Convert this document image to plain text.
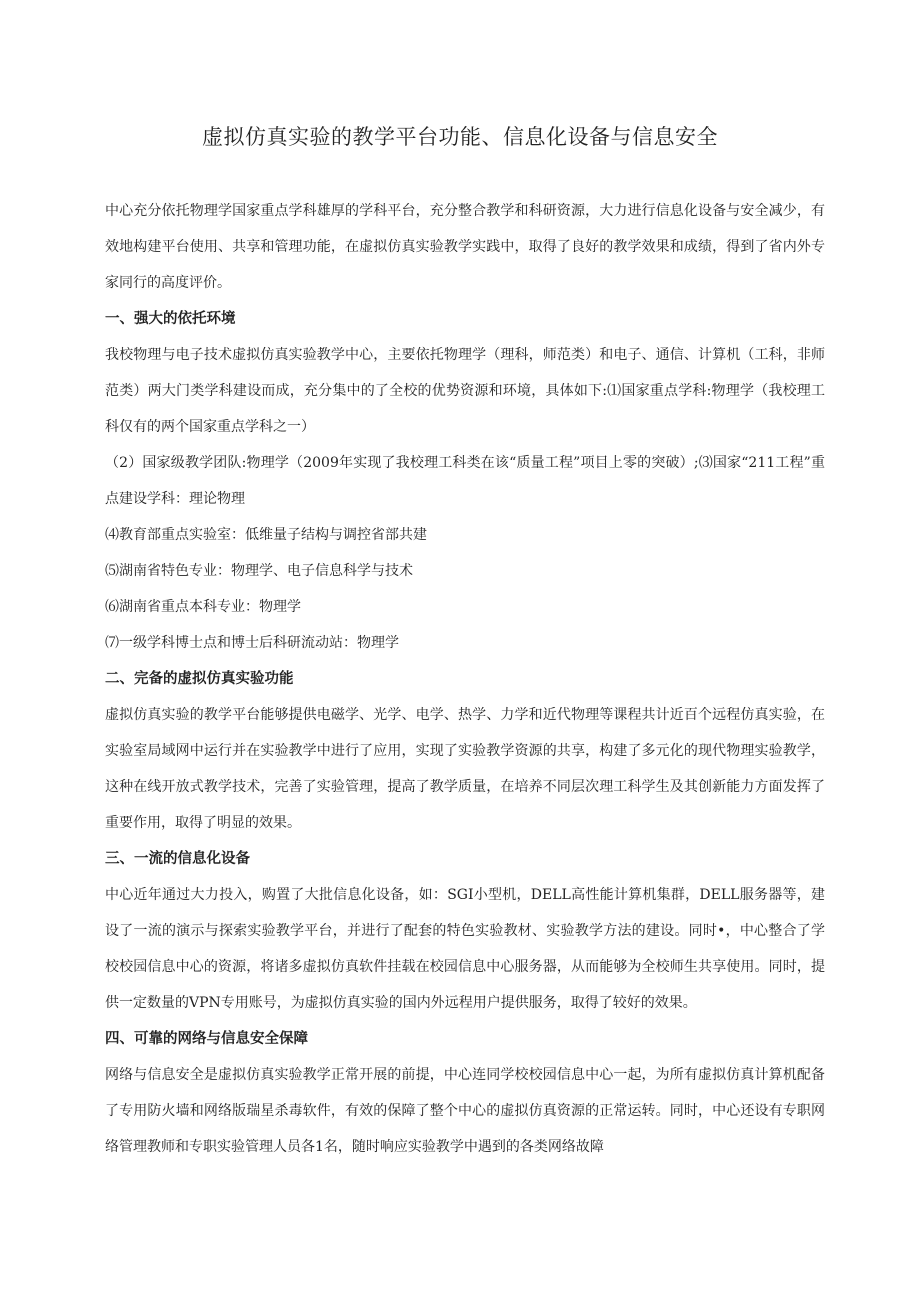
虚拟仿真实验的教学平台功能、信息化设备与信息安全

中心充分依托物理学国家重点学科雄厚的学科平台，充分整合教学和科研资源，大力进行信息化设备与安全减少，有效地构建平台使用、共享和管理功能，在虚拟仿真实验教学实践中，取得了良好的教学效果和成绩，得到了省内外专家同行的高度评价。

一、强大的依托环境

我校物理与电子技术虚拟仿真实验教学中心，主要依托物理学（理科，师范类）和电子、通信、计算机（工科，非师范类）两大门类学科建设而成，充分集中的了全校的优势资源和环境，具体如下:⑴国家重点学科:物理学（我校理工科仅有的两个国家重点学科之一）

（2）国家级教学团队:物理学（2009年实现了我校理工科类在该“质量工程”项目上零的突破）;⑶国家“211工程”重点建设学科：理论物理

⑷教育部重点实验室：低维量子结构与调控省部共建

⑸湖南省特色专业：物理学、电子信息科学与技术

⑹湖南省重点本科专业：物理学

⑺一级学科博士点和博士后科研流动站：物理学

二、完备的虚拟仿真实验功能

虚拟仿真实验的教学平台能够提供电磁学、光学、电学、热学、力学和近代物理等课程共计近百个远程仿真实验，在实验室局域网中运行并在实验教学中进行了应用，实现了实验教学资源的共享，构建了多元化的现代物理实验教学，这种在线开放式教学技术，完善了实验管理，提高了教学质量，在培养不同层次理工科学生及其创新能力方面发挥了重要作用，取得了明显的效果。

三、一流的信息化设备

中心近年通过大力投入，购置了大批信息化设备，如：SGI小型机，DELL高性能计算机集群，DELL服务器等，建设了一流的演示与探索实验教学平台，并进行了配套的特色实验教材、实验教学方法的建设。同时•，中心整合了学校校园信息中心的资源，将诸多虚拟仿真软件挂载在校园信息中心服务器，从而能够为全校师生共享使用。同时，提供一定数量的VPN专用账号，为虚拟仿真实验的国内外远程用户提供服务，取得了较好的效果。

四、可靠的网络与信息安全保障

网络与信息安全是虚拟仿真实验教学正常开展的前提，中心连同学校校园信息中心一起，为所有虚拟仿真计算机配备了专用防火墙和网络版瑞星杀毒软件，有效的保障了整个中心的虚拟仿真资源的正常运转。同时，中心还设有专职网络管理教师和专职实验管理人员各1名，随时响应实验教学中遇到的各类网络故障
